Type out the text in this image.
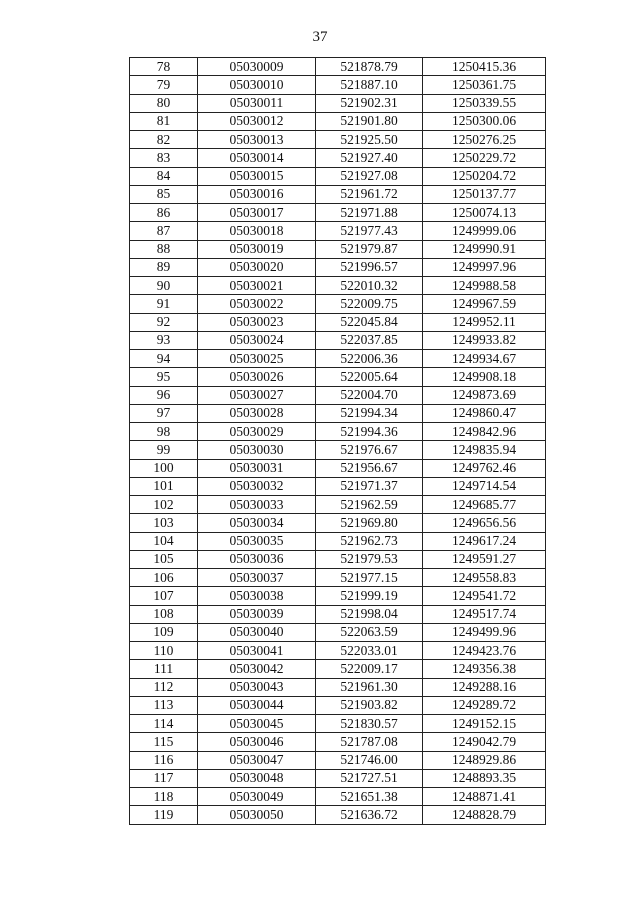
37
78	05030009	521878.79	1250415.36
79	05030010	521887.10	1250361.75
80	05030011	521902.31	1250339.55
81	05030012	521901.80	1250300.06
82	05030013	521925.50	1250276.25
83	05030014	521927.40	1250229.72
84	05030015	521927.08	1250204.72
85	05030016	521961.72	1250137.77
86	05030017	521971.88	1250074.13
87	05030018	521977.43	1249999.06
88	05030019	521979.87	1249990.91
89	05030020	521996.57	1249997.96
90	05030021	522010.32	1249988.58
91	05030022	522009.75	1249967.59
92	05030023	522045.84	1249952.11
93	05030024	522037.85	1249933.82
94	05030025	522006.36	1249934.67
95	05030026	522005.64	1249908.18
96	05030027	522004.70	1249873.69
97	05030028	521994.34	1249860.47
98	05030029	521994.36	1249842.96
99	05030030	521976.67	1249835.94
100	05030031	521956.67	1249762.46
101	05030032	521971.37	1249714.54
102	05030033	521962.59	1249685.77
103	05030034	521969.80	1249656.56
104	05030035	521962.73	1249617.24
105	05030036	521979.53	1249591.27
106	05030037	521977.15	1249558.83
107	05030038	521999.19	1249541.72
108	05030039	521998.04	1249517.74
109	05030040	522063.59	1249499.96
110	05030041	522033.01	1249423.76
111	05030042	522009.17	1249356.38
112	05030043	521961.30	1249288.16
113	05030044	521903.82	1249289.72
114	05030045	521830.57	1249152.15
115	05030046	521787.08	1249042.79
116	05030047	521746.00	1248929.86
117	05030048	521727.51	1248893.35
118	05030049	521651.38	1248871.41
119	05030050	521636.72	1248828.79
